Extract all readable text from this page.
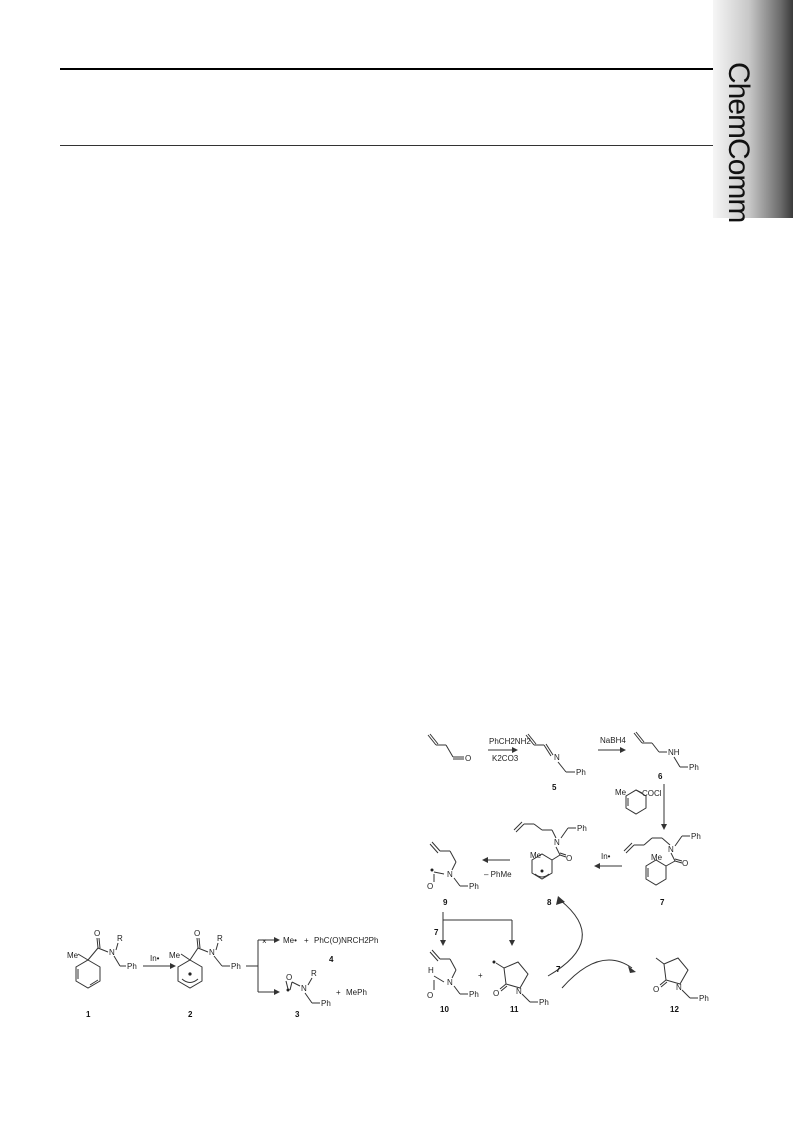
ChemComm
Me
O
N
R
Ph
1
In• Me
O
N
R
Ph
2
× Me• + PhC(O)NRCH2Ph
4
O
N
R
Ph
+ MePh
3
O
PhCH2NH2
K2CO3	N
Ph
5
NaBH4
NH
Ph
6
Me COCl
N
Ph
O
Me
7
In•
N
Ph
O
Me
8
– PhMe
N
O	Ph
9
7
N
H
O	Ph
10
+
O N
Ph
11
7
O N
Ph
12
